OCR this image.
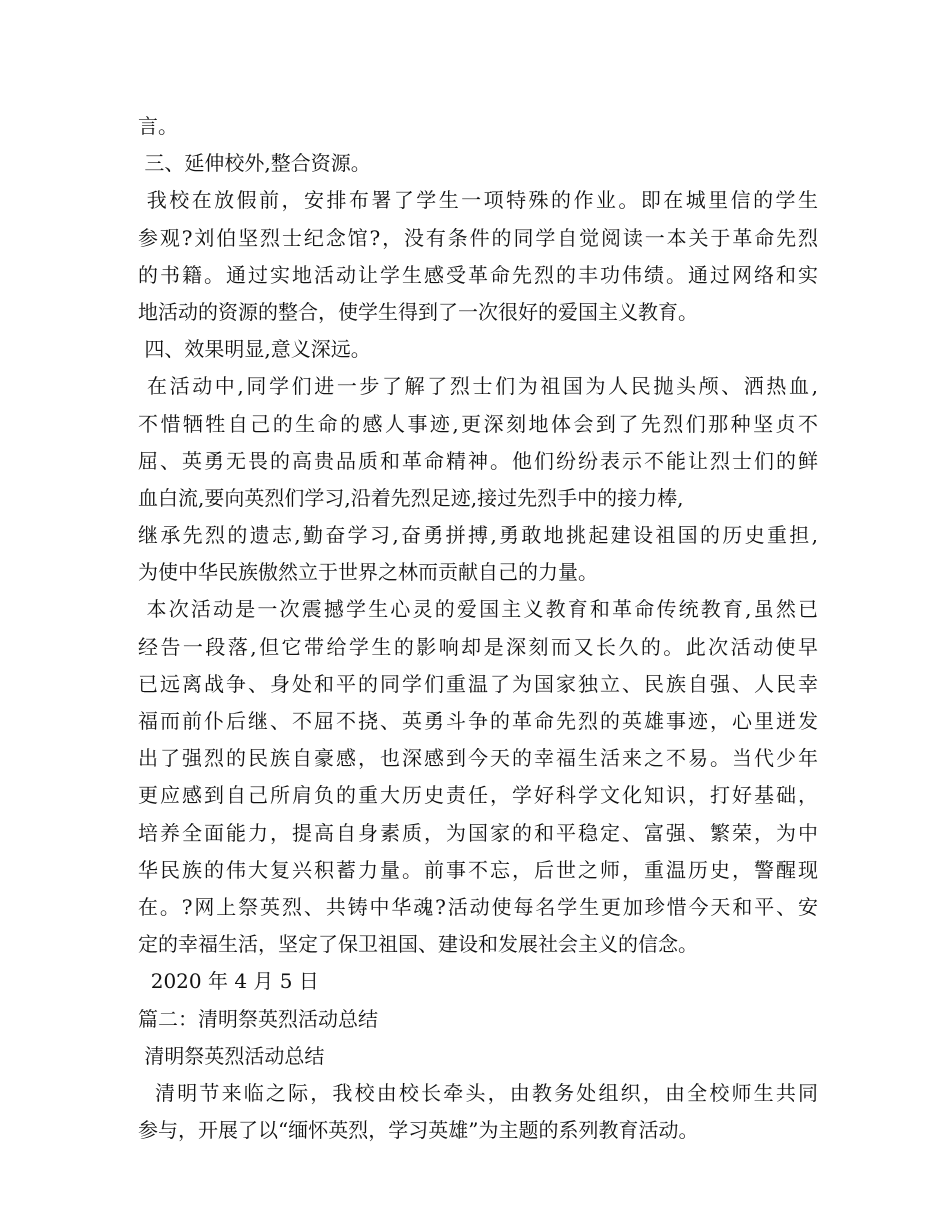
言。
三、延伸校外,整合资源。
我校在放假前，安排布署了学生一项特殊的作业。即在城里信的学生
参观?刘伯坚烈士纪念馆?，没有条件的同学自觉阅读一本关于革命先烈
的书籍。通过实地活动让学生感受革命先烈的丰功伟绩。通过网络和实
地活动的资源的整合，使学生得到了一次很好的爱国主义教育。
四、效果明显,意义深远。
在活动中,同学们进一步了解了烈士们为祖国为人民抛头颅、洒热血,
不惜牺牲自己的生命的感人事迹,更深刻地体会到了先烈们那种坚贞不
屈、英勇无畏的高贵品质和革命精神。他们纷纷表示不能让烈士们的鲜
血白流,要向英烈们学习,沿着先烈足迹,接过先烈手中的接力棒,
继承先烈的遗志,勤奋学习,奋勇拼搏,勇敢地挑起建设祖国的历史重担,
为使中华民族傲然立于世界之林而贡献自己的力量。
本次活动是一次震撼学生心灵的爱国主义教育和革命传统教育,虽然已
经告一段落,但它带给学生的影响却是深刻而又长久的。此次活动使早
已远离战争、身处和平的同学们重温了为国家独立、民族自强、人民幸
福而前仆后继、不屈不挠、英勇斗争的革命先烈的英雄事迹，心里迸发
出了强烈的民族自豪感，也深感到今天的幸福生活来之不易。当代少年
更应感到自己所肩负的重大历史责任，学好科学文化知识，打好基础，
培养全面能力，提高自身素质，为国家的和平稳定、富强、繁荣，为中
华民族的伟大复兴积蓄力量。前事不忘，后世之师，重温历史，警醒现
在。?网上祭英烈、共铸中华魂?活动使每名学生更加珍惜今天和平、安
定的幸福生活，坚定了保卫祖国、建设和发展社会主义的信念。
2020 年 4 月 5 日
篇二：清明祭英烈活动总结
清明祭英烈活动总结
清明节来临之际，我校由校长牵头，由教务处组织，由全校师生共同
参与，开展了以“缅怀英烈，学习英雄”为主题的系列教育活动。
